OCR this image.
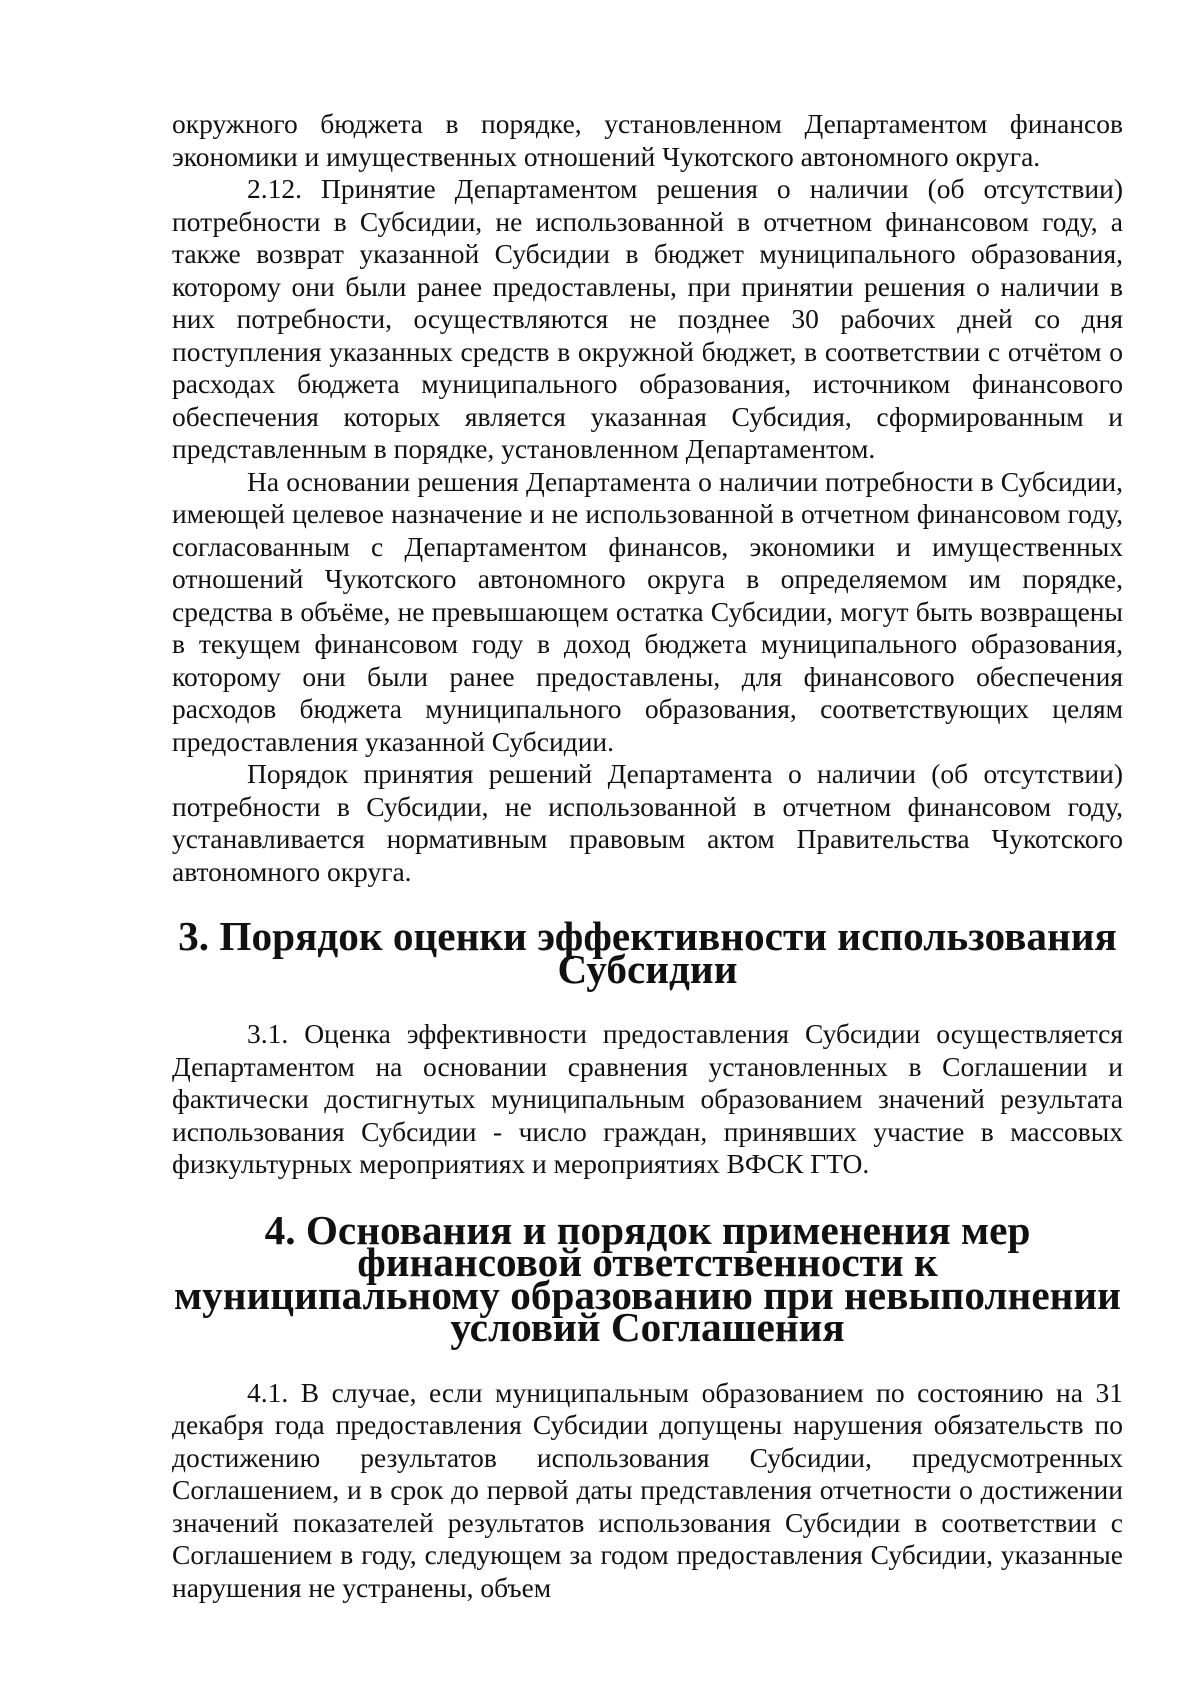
окружного бюджета в порядке, установленном Департаментом финансов экономики и имущественных отношений Чукотского автономного округа.

2.12. Принятие Департаментом решения о наличии (об отсутствии) потребности в Субсидии, не использованной в отчетном финансовом году, а также возврат указанной Субсидии в бюджет муниципального образования, которому они были ранее предоставлены, при принятии решения о наличии в них потребности, осуществляются не позднее 30 рабочих дней со дня поступления указанных средств в окружной бюджет, в соответствии с отчётом о расходах бюджета муниципального образования, источником финансового обеспечения которых является указанная Субсидия, сформированным и представленным в порядке, установленном Департаментом.

На основании решения Департамента о наличии потребности в Субсидии, имеющей целевое назначение и не использованной в отчетном финансовом году, согласованным с Департаментом финансов, экономики и имущественных отношений Чукотского автономного округа в определяемом им порядке, средства в объёме, не превышающем остатка Субсидии, могут быть возвращены в текущем финансовом году в доход бюджета муниципального образования, которому они были ранее предоставлены, для финансового обеспечения расходов бюджета муниципального образования, соответствующих целям предоставления указанной Субсидии.

Порядок принятия решений Департамента о наличии (об отсутствии) потребности в Субсидии, не использованной в отчетном финансовом году, устанавливается нормативным правовым актом Правительства Чукотского автономного округа.

3. Порядок оценки эффективности использования Субсидии

3.1. Оценка эффективности предоставления Субсидии осуществляется Департаментом на основании сравнения установленных в Соглашении и фактически достигнутых муниципальным образованием значений результата использования Субсидии - число граждан, принявших участие в массовых физкультурных мероприятиях и мероприятиях ВФСК ГТО.

4. Основания и порядок применения мер финансовой ответственности к
муниципальному образованию при невыполнении условий Соглашения

4.1. В случае, если муниципальным образованием по состоянию на 31 декабря года предоставления Субсидии допущены нарушения обязательств по достижению результатов использования Субсидии, предусмотренных Соглашением, и в срок до первой даты представления отчетности о достижении значений показателей результатов использования Субсидии в соответствии с Соглашением в году, следующем за годом предоставления Субсидии, указанные нарушения не устранены, объем
